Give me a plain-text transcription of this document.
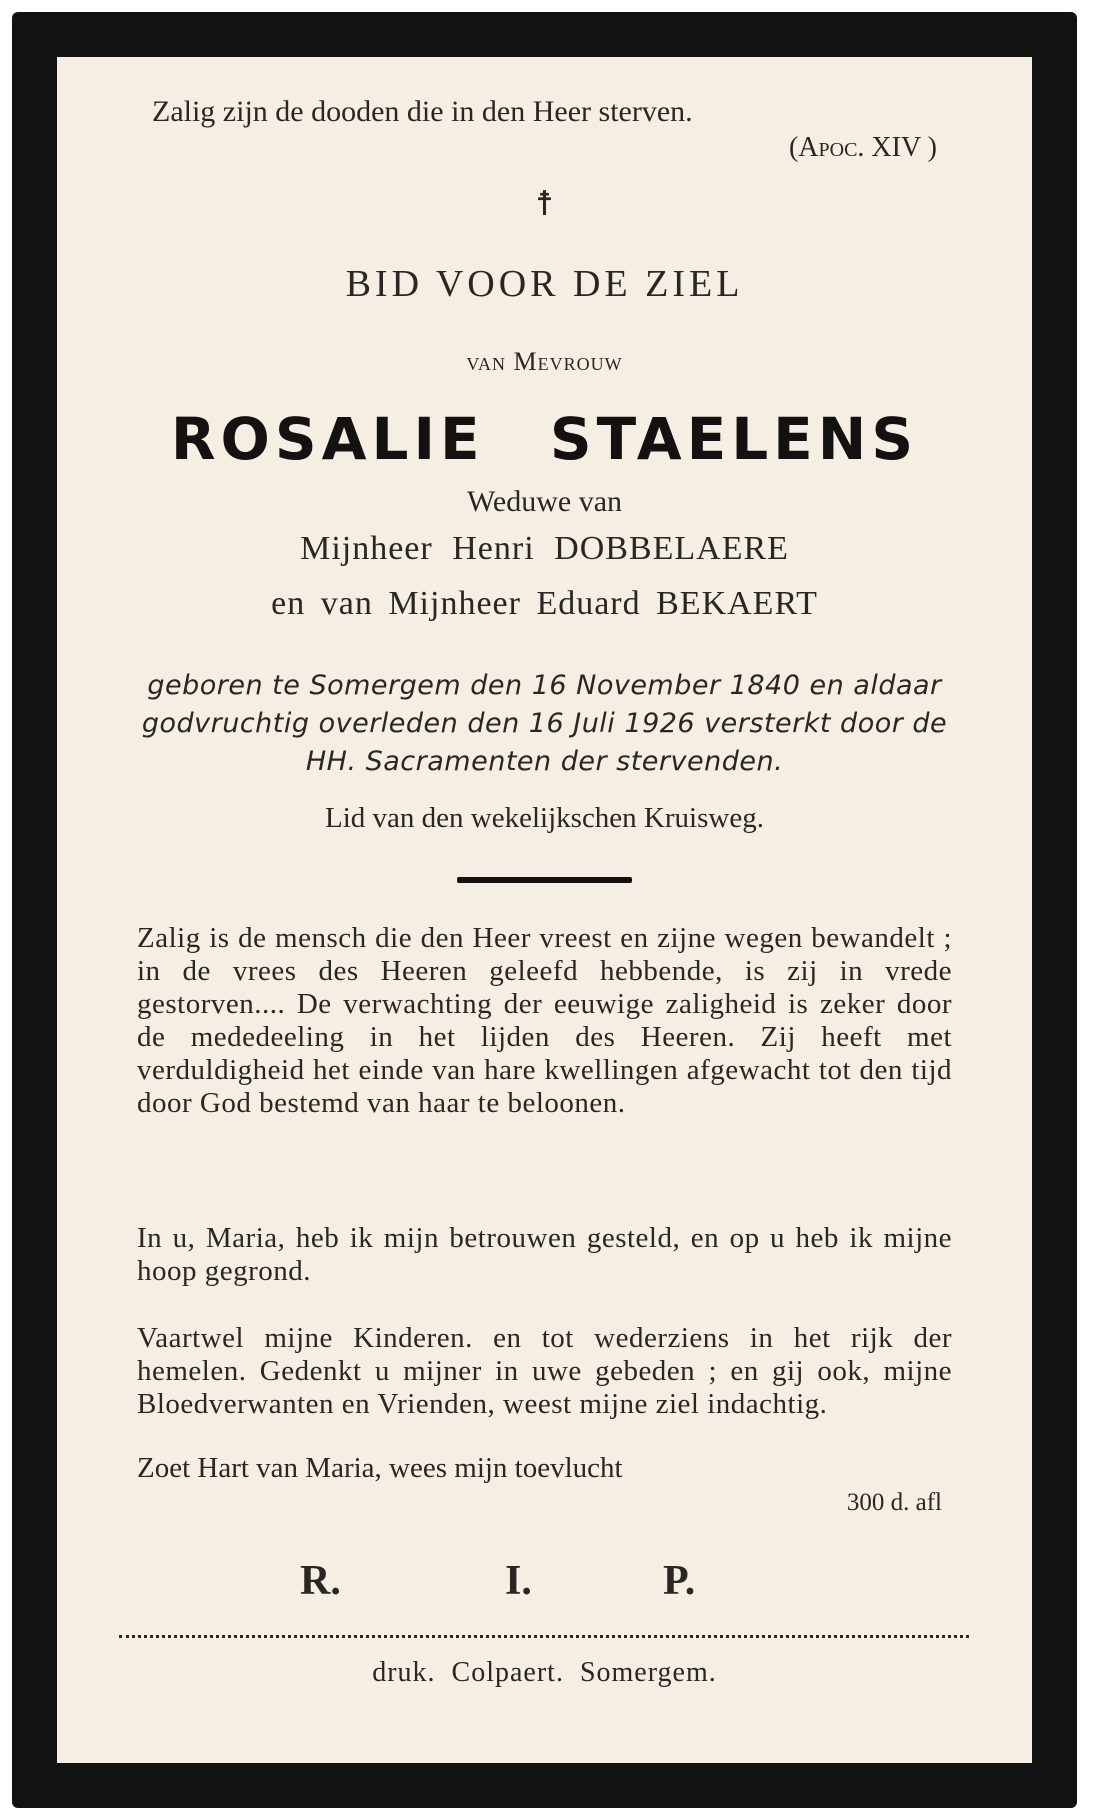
Zalig zijn de dooden die in den Heer sterven.

(Apoc. XIV )

☨

BID VOOR DE ZIEL

van Mevrouw

ROSALIE STAELENS

Weduwe van

Mijnheer Henri DOBBELAERE

en van Mijnheer Eduard BEKAERT

geboren te Somergem den 16 November 1840 en aldaar godvruchtig overleden den 16 Juli 1926 versterkt door de HH. Sacramenten der stervenden.

Lid van den wekelijkschen Kruisweg.

Zalig is de mensch die den Heer vreest en zijne wegen bewandelt ; in de vrees des Heeren geleefd hebbende, is zij in vrede gestorven.... De verwachting der eeuwige zaligheid is zeker door de mededeeling in het lijden des Heeren. Zij heeft met verduldigheid het einde van hare kwellingen afgewacht tot den tijd door God bestemd van haar te beloonen.

In u, Maria, heb ik mijn betrouwen gesteld, en op u heb ik mijne hoop gegrond.

Vaartwel mijne Kinderen. en tot wederziens in het rijk der hemelen. Gedenkt u mijner in uwe gebeden ; en gij ook, mijne Bloedverwanten en Vrienden, weest mijne ziel indachtig.

Zoet Hart van Maria, wees mijn toevlucht

300 d. afl

R.	I.	P.

druk. Colpaert. Somergem.
